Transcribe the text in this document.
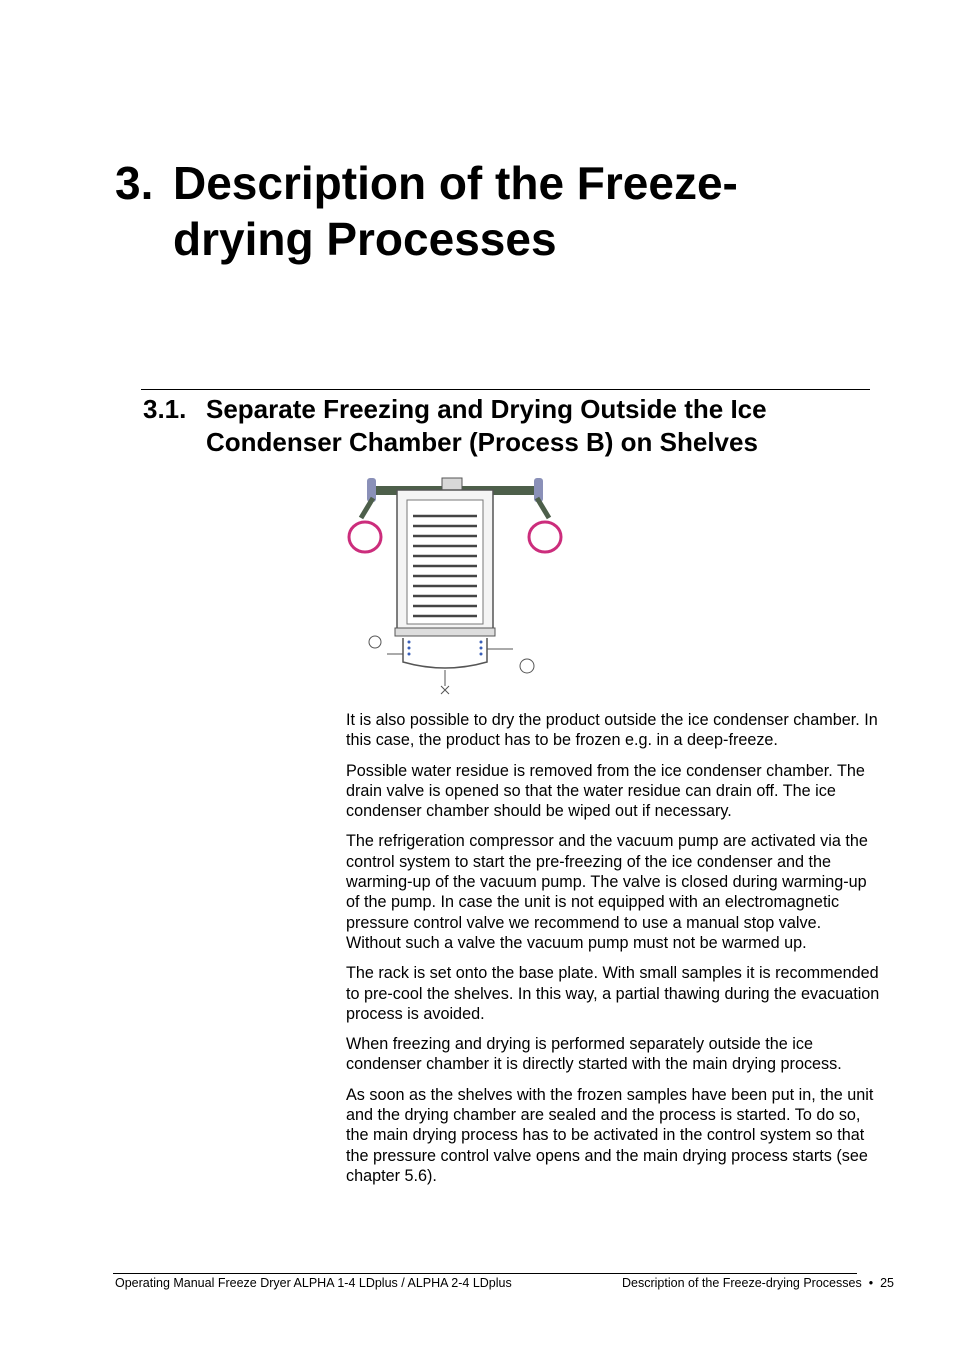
3. Description of the Freeze-drying Processes
3.1. Separate Freezing and Drying Outside the Ice Condenser Chamber (Process B) on Shelves

It is also possible to dry the product outside the ice condenser chamber. In this case, the product has to be frozen e.g. in a deep-freeze.

Possible water residue is removed from the ice condenser chamber. The drain valve is opened so that the water residue can drain off. The ice condenser chamber should be wiped out if necessary.

The refrigeration compressor and the vacuum pump are activated via the control system to start the pre-freezing of the ice condenser and the warming-up of the vacuum pump. The valve is closed during warming-up of the pump. In case the unit is not equipped with an electromagnetic pressure control valve we recommend to use a manual stop valve. Without such a valve the vacuum pump must not be warmed up.

The rack is set onto the base plate. With small samples it is recommended to pre-cool the shelves. In this way, a partial thawing during the evacuation process is avoided.

When freezing and drying is performed separately outside the ice condenser chamber it is directly started with the main drying process.

As soon as the shelves with the frozen samples have been put in, the unit and the drying chamber are sealed and the process is started. To do so, the main drying process has to be activated in the control system so that the pressure control valve opens and the main drying process starts (see chapter 5.6).

Operating Manual Freeze Dryer ALPHA 1-4 LDplus / ALPHA 2-4 LDplus	Description of the Freeze-drying Processes • 25
